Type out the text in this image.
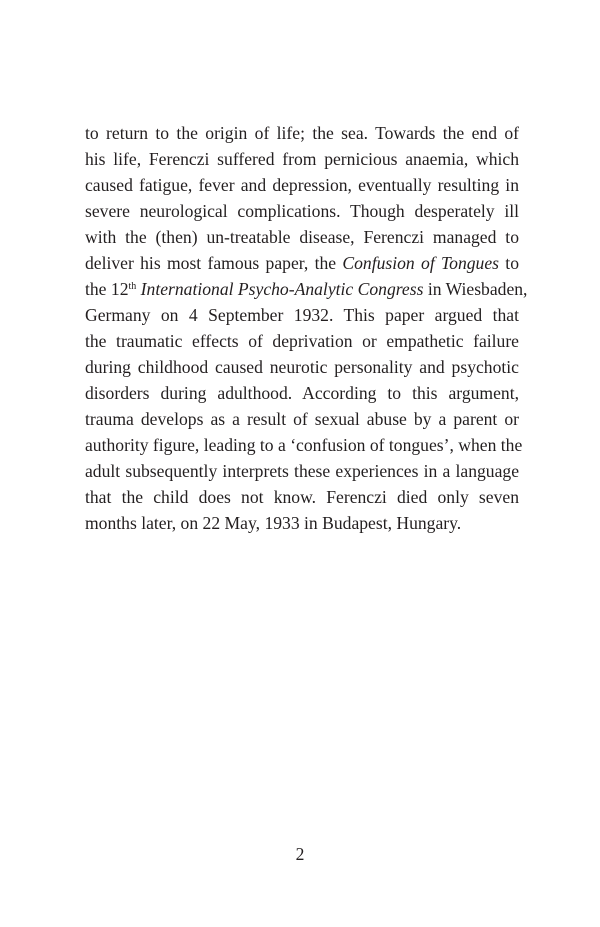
to return to the origin of life; the sea. Towards the end of
his life, Ferenczi suffered from pernicious anaemia, which
caused fatigue, fever and depression, eventually resulting in
severe neurological complications. Though desperately ill
with the (then) un-treatable disease, Ferenczi managed to
deliver his most famous paper, the Confusion of Tongues to
the 12th International Psycho-Analytic Congress in Wiesbaden,
Germany on 4 September 1932. This paper argued that
the traumatic effects of deprivation or empathetic failure
during childhood caused neurotic personality and psychotic
disorders during adulthood. According to this argument,
trauma develops as a result of sexual abuse by a parent or
authority figure, leading to a ‘confusion of tongues’, when the
adult subsequently interprets these experiences in a language
that the child does not know. Ferenczi died only seven
months later, on 22 May, 1933 in Budapest, Hungary.
2
